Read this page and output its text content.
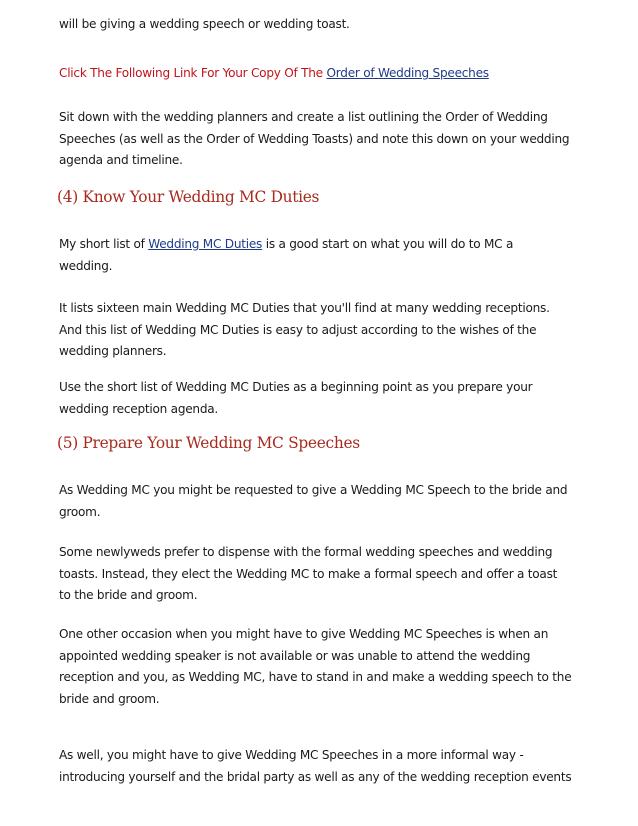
will be giving a wedding speech or wedding toast.

Click The Following Link For Your Copy Of The Order of Wedding Speeches

Sit down with the wedding planners and create a list outlining the Order of Wedding
Speeches (as well as the Order of Wedding Toasts) and note this down on your wedding
agenda and timeline.

(4) Know Your Wedding MC Duties

My short list of Wedding MC Duties is a good start on what you will do to MC a
wedding.

It lists sixteen main Wedding MC Duties that you'll find at many wedding receptions.
And this list of Wedding MC Duties is easy to adjust according to the wishes of the
wedding planners.

Use the short list of Wedding MC Duties as a beginning point as you prepare your
wedding reception agenda.

(5) Prepare Your Wedding MC Speeches

As Wedding MC you might be requested to give a Wedding MC Speech to the bride and
groom.

Some newlyweds prefer to dispense with the formal wedding speeches and wedding
toasts. Instead, they elect the Wedding MC to make a formal speech and offer a toast
to the bride and groom.

One other occasion when you might have to give Wedding MC Speeches is when an
appointed wedding speaker is not available or was unable to attend the wedding
reception and you, as Wedding MC, have to stand in and make a wedding speech to the
bride and groom.

As well, you might have to give Wedding MC Speeches in a more informal way -
introducing yourself and the bridal party as well as any of the wedding reception events
